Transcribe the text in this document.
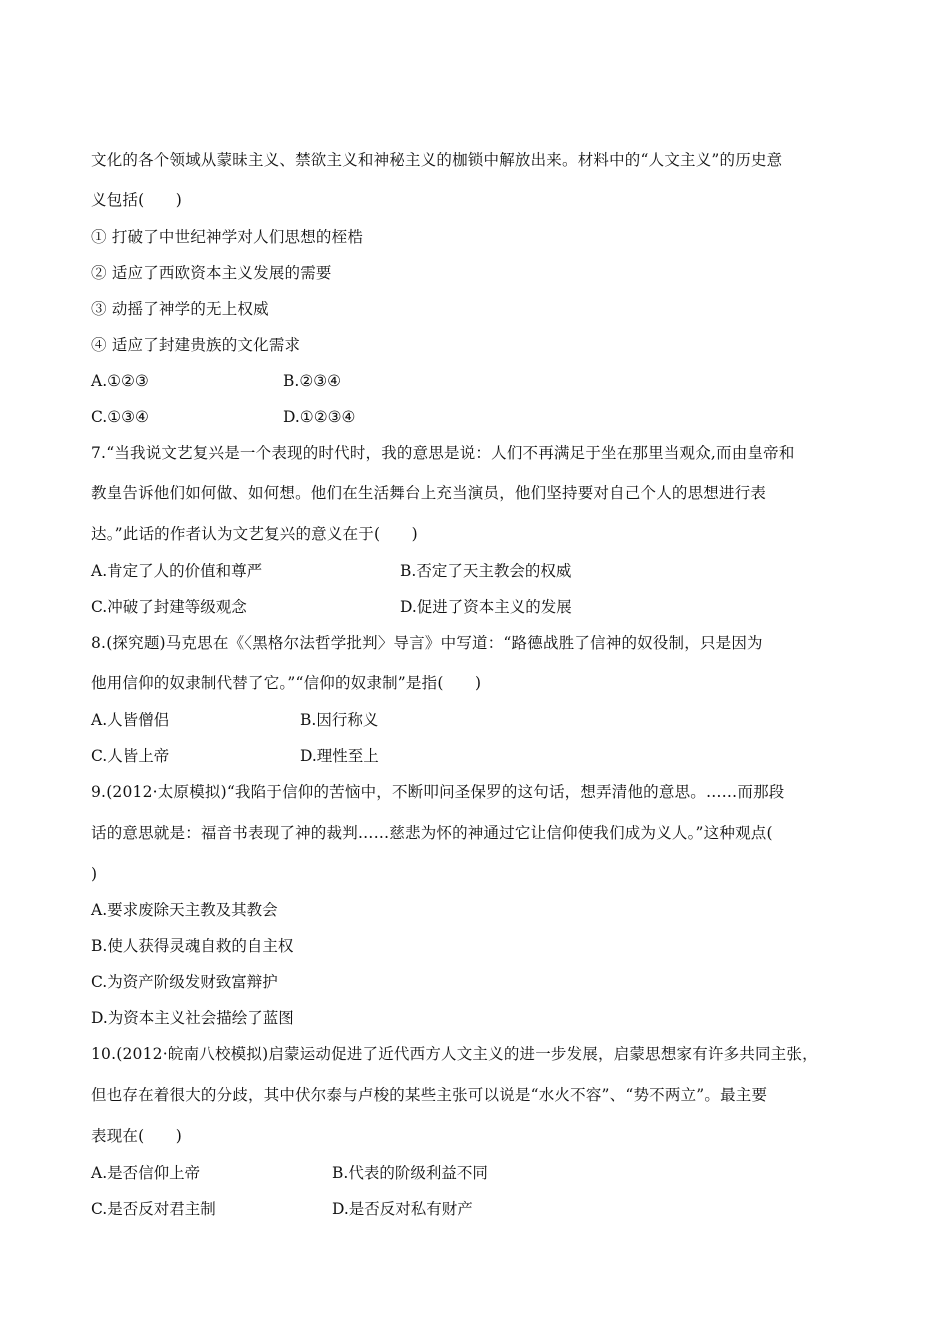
文化的各个领域从蒙昧主义、禁欲主义和神秘主义的枷锁中解放出来。材料中的“人文主义”的历史意
义包括(　　)
① 打破了中世纪神学对人们思想的桎梏
② 适应了西欧资本主义发展的需要
③ 动摇了神学的无上权威
④ 适应了封建贵族的文化需求
A.①②③	B.②③④
C.①③④	D.①②③④
7.“当我说文艺复兴是一个表现的时代时，我的意思是说：人们不再满足于坐在那里当观众,而由皇帝和
教皇告诉他们如何做、如何想。他们在生活舞台上充当演员，他们坚持要对自己个人的思想进行表
达。”此话的作者认为文艺复兴的意义在于(　　)
A.肯定了人的价值和尊严	B.否定了天主教会的权威
C.冲破了封建等级观念	D.促进了资本主义的发展
8.(探究题)马克思在《〈黑格尔法哲学批判〉导言》中写道：“路德战胜了信神的奴役制，只是因为
他用信仰的奴隶制代替了它。”“信仰的奴隶制”是指(　　)
A.人皆僧侣	B.因行称义
C.人皆上帝	D.理性至上
9.(2012·太原模拟)“我陷于信仰的苦恼中，不断叩问圣保罗的这句话，想弄清他的意思。……而那段
话的意思就是：福音书表现了神的裁判……慈悲为怀的神通过它让信仰使我们成为义人。”这种观点(
)
A.要求废除天主教及其教会
B.使人获得灵魂自救的自主权
C.为资产阶级发财致富辩护
D.为资本主义社会描绘了蓝图
10.(2012·皖南八校模拟)启蒙运动促进了近代西方人文主义的进一步发展，启蒙思想家有许多共同主张，
但也存在着很大的分歧，其中伏尔泰与卢梭的某些主张可以说是“水火不容”、“势不两立”。最主要
表现在(　　)
A.是否信仰上帝	B.代表的阶级利益不同
C.是否反对君主制	D.是否反对私有财产
